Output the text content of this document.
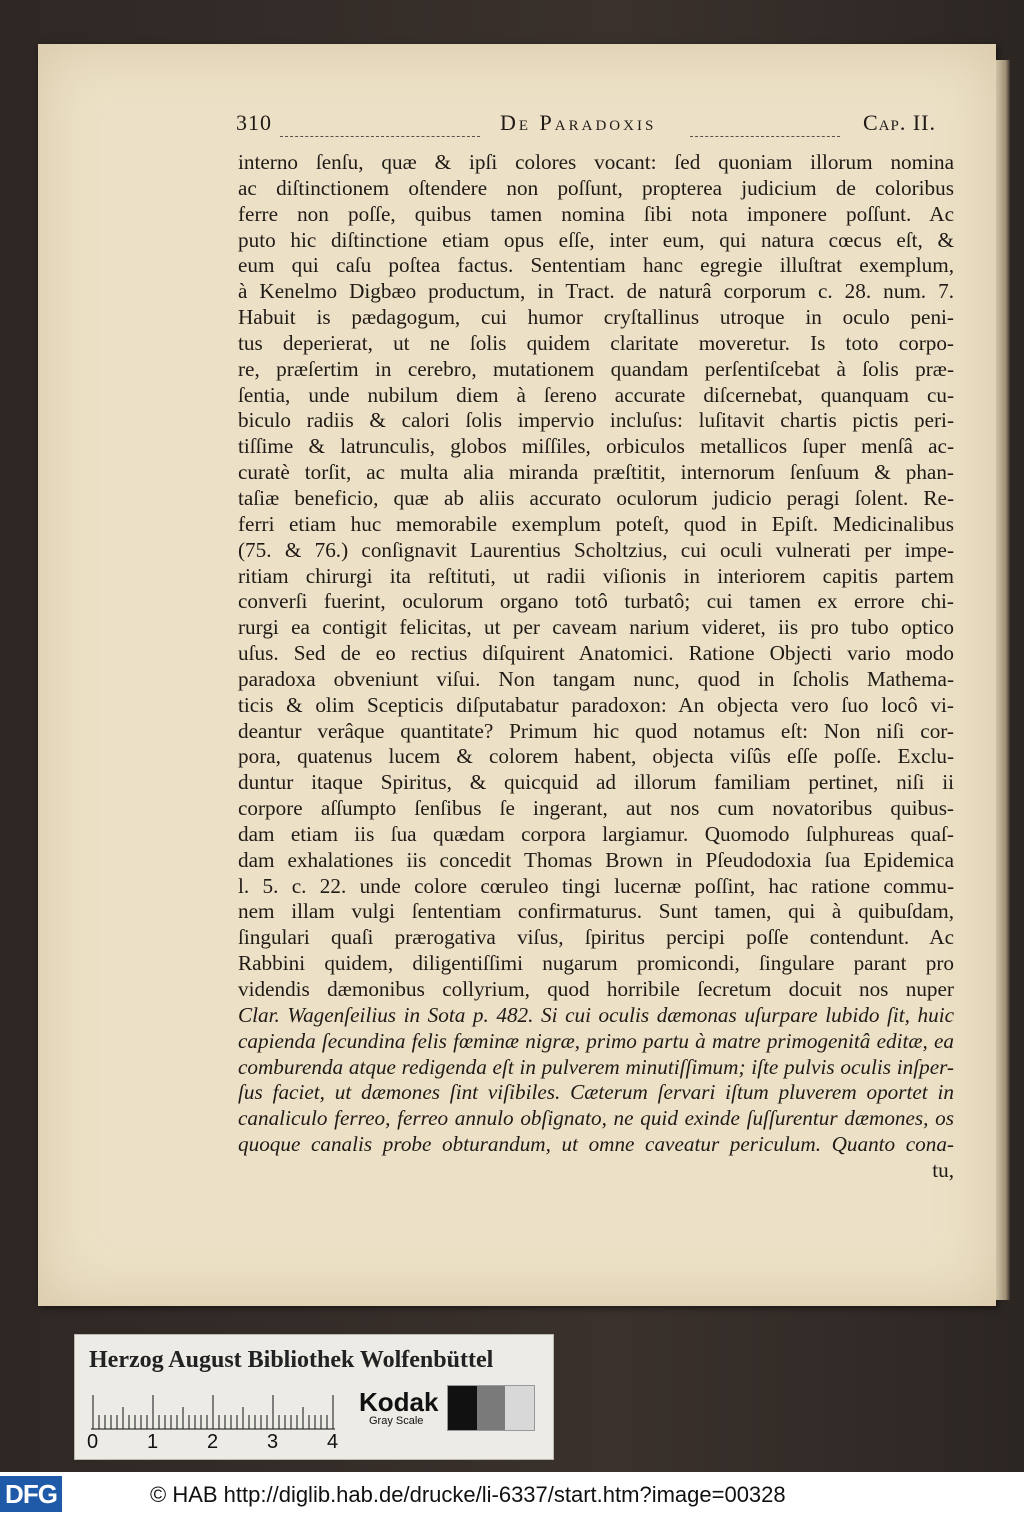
310	De Paradoxis	Cap. II.
interno ſenſu, quæ & ipſi colores vocant: ſed quoniam illorum nomina
ac diſtinctionem oſtendere non poſſunt, propterea judicium de coloribus
ferre non poſſe, quibus tamen nomina ſibi nota imponere poſſunt. Ac
puto hic diſtinctione etiam opus eſſe, inter eum, qui natura cœcus eſt, &
eum qui caſu poſtea factus. Sententiam hanc egregie illuſtrat exemplum,
à Kenelmo Digbæo productum, in Tract. de naturâ corporum c. 28. num. 7.
Habuit is pædagogum, cui humor cryſtallinus utroque in oculo peni-
tus deperierat, ut ne ſolis quidem claritate moveretur. Is toto corpo-
re, præſertim in cerebro, mutationem quandam perſentiſcebat à ſolis præ-
ſentia, unde nubilum diem à ſereno accurate diſcernebat, quanquam cu-
biculo radiis & calori ſolis impervio incluſus: luſitavit chartis pictis peri-
tiſſime & latrunculis, globos miſſiles, orbiculos metallicos ſuper menſâ ac-
curatè torſit, ac multa alia miranda præſtitit, internorum ſenſuum & phan-
taſiæ beneficio, quæ ab aliis accurato oculorum judicio peragi ſolent. Re-
ferri etiam huc memorabile exemplum poteſt, quod in Epiſt. Medicinalibus
(75. & 76.) conſignavit Laurentius Scholtzius, cui oculi vulnerati per impe-
ritiam chirurgi ita reſtituti, ut radii viſionis in interiorem capitis partem
converſi fuerint, oculorum organo totô turbatô; cui tamen ex errore chi-
rurgi ea contigit felicitas, ut per caveam narium videret, iis pro tubo optico
uſus. Sed de eo rectius diſquirent Anatomici. Ratione Objecti vario modo
paradoxa obveniunt viſui. Non tangam nunc, quod in ſcholis Mathema-
ticis & olim Scepticis diſputabatur paradoxon: An objecta vero ſuo locô vi-
deantur verâque quantitate? Primum hic quod notamus eſt: Non niſi cor-
pora, quatenus lucem & colorem habent, objecta viſûs eſſe poſſe. Exclu-
duntur itaque Spiritus, & quicquid ad illorum familiam pertinet, niſi ii
corpore aſſumpto ſenſibus ſe ingerant, aut nos cum novatoribus quibus-
dam etiam iis ſua quædam corpora largiamur. Quomodo ſulphureas quaſ-
dam exhalationes iis concedit Thomas Brown in Pſeudodoxia ſua Epidemica
l. 5. c. 22. unde colore cœruleo tingi lucernæ poſſint, hac ratione commu-
nem illam vulgi ſententiam confirmaturus. Sunt tamen, qui à quibuſdam,
ſingulari quaſi prærogativa viſus, ſpiritus percipi poſſe contendunt. Ac
Rabbini quidem, diligentiſſimi nugarum promicondi, ſingulare parant pro
videndis dæmonibus collyrium, quod horribile ſecretum docuit nos nuper
Clar. Wagenſeilius in Sota p. 482. Si cui oculis dæmonas uſurpare lubido ſit, huic
capienda ſecundina felis fœminæ nigræ, primo partu à matre primogenitâ editæ, ea
comburenda atque redigenda eſt in pulverem minutiſſimum; iſte pulvis oculis inſper-
ſus faciet, ut dæmones ſint viſibiles. Cæterum ſervari iſtum pluverem oportet in
canaliculo ferreo, ferreo annulo obſignato, ne quid exinde ſuſſurentur dæmones, os
quoque canalis probe obturandum, ut omne caveatur periculum. Quanto cona-
tu,
Herzog August Bibliothek Wolfenbüttel
0 1 2 3 4
Kodak
Gray Scale
DFG	© HAB http://diglib.hab.de/drucke/li-6337/start.htm?image=00328
